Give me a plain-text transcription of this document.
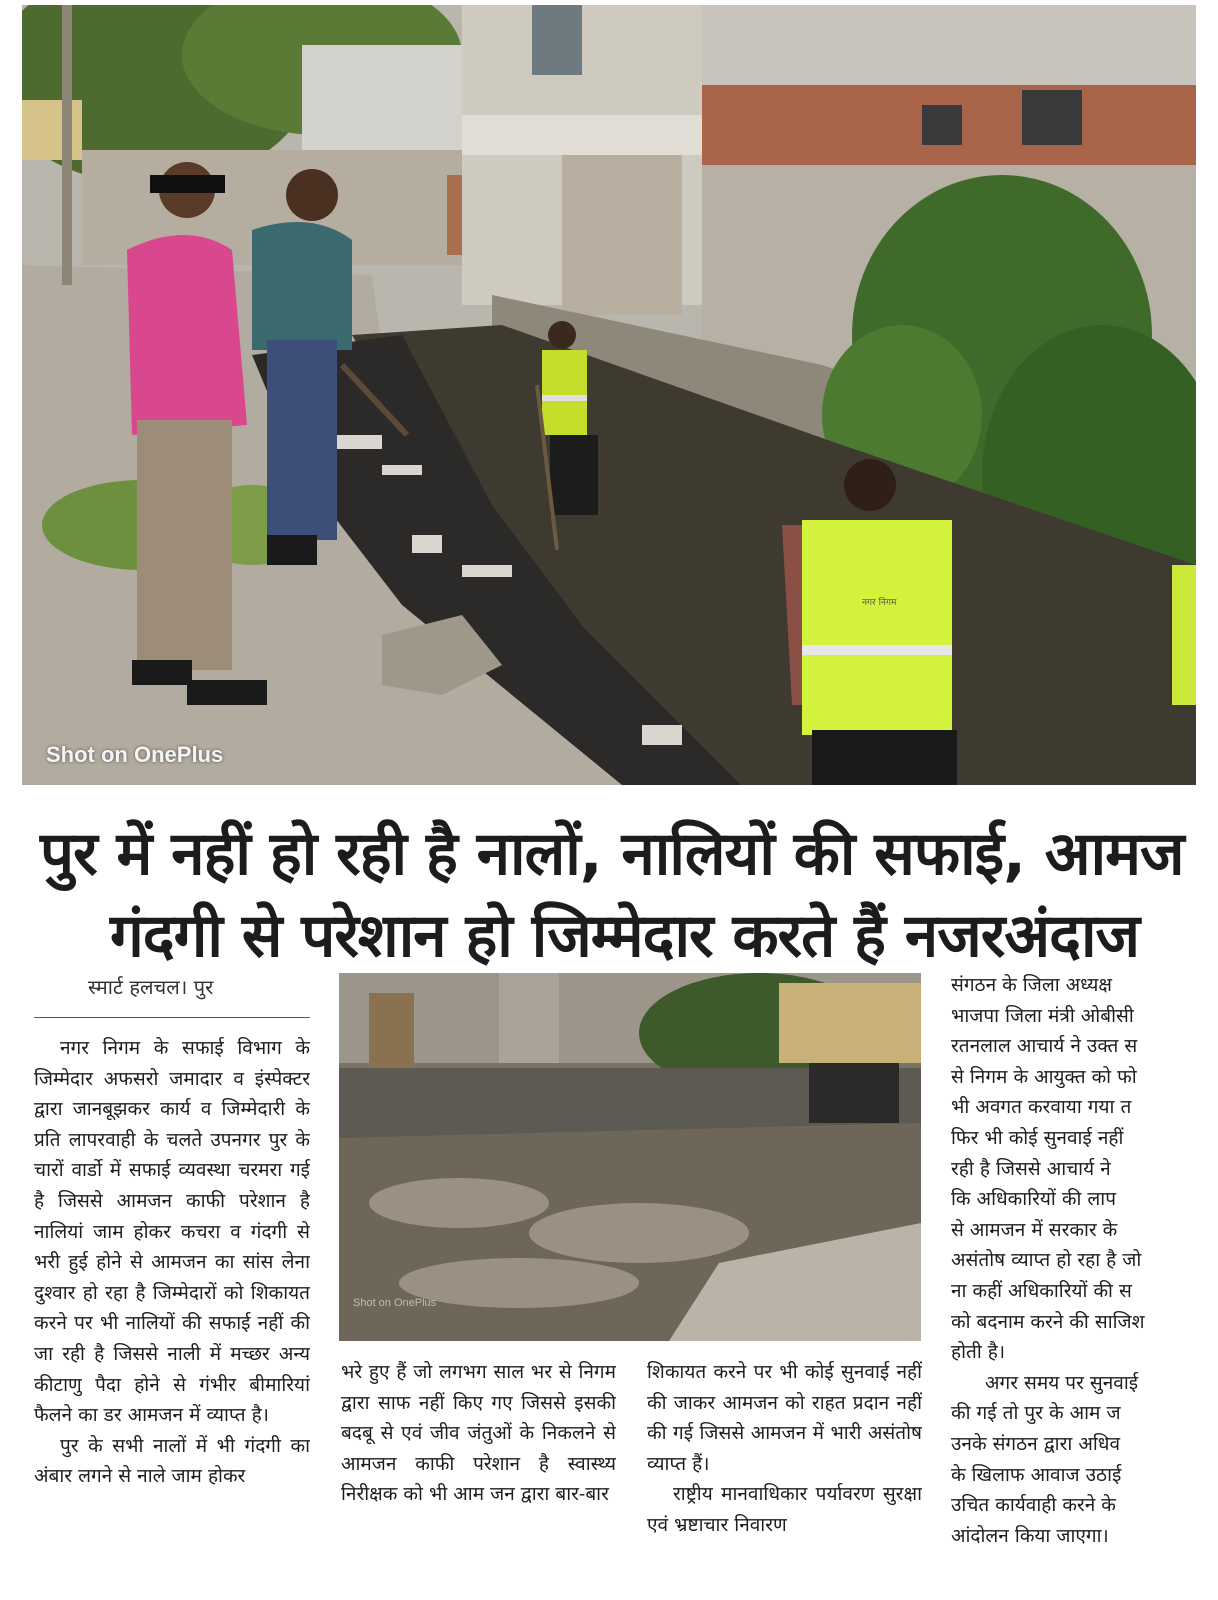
नगर निगम
Shot on OnePlus
पुर में नहीं हो रही है नालों, नालियों की सफाई, आमज
गंदगी से परेशान हो जिम्मेदार करते हैं नजरअंदाज
स्मार्ट हलचल। पुर

नगर निगम के सफाई विभाग के जिम्मेदार अफसरो जमादार व इंस्पेक्टर द्वारा जानबूझकर कार्य व जिम्मेदारी के प्रति लापरवाही के चलते उपनगर पुर के चारों वार्डो में सफाई व्यवस्था चरमरा गई है जिससे आमजन काफी परेशान है नालियां जाम होकर कचरा व गंदगी से भरी हुई होने से आमजन का सांस लेना दुश्वार हो रहा है जिम्मेदारों को शिकायत करने पर भी नालियों की सफाई नहीं की जा रही है जिससे नाली में मच्छर अन्य कीटाणु पैदा होने से गंभीर बीमारियां फैलने का डर आमजन में व्याप्त है।

पुर के सभी नालों में भी गंदगी का अंबार लगने से नाले जाम होकर

Shot on OnePlus

भरे हुए हैं जो लगभग साल भर से निगम द्वारा साफ नहीं किए गए जिससे इसकी बदबू से एवं जीव जंतुओं के निकलने से आमजन काफी परेशान है स्वास्थ्य निरीक्षक को भी आम जन द्वारा बार-बार

शिकायत करने पर भी कोई सुनवाई नहीं की जाकर आमजन को राहत प्रदान नहीं की गई जिससे आमजन में भारी असंतोष व्याप्त हैं।

राष्ट्रीय मानवाधिकार पर्यावरण सुरक्षा एवं भ्रष्टाचार निवारण

संगठन के जिला अध्यक्ष

भाजपा जिला मंत्री ओबीसी

रतनलाल आचार्य ने उक्त स

से निगम के आयुक्त को फो

भी अवगत करवाया गया त

फिर भी कोई सुनवाई नहीं

रही है जिससे आचार्य ने

कि अधिकारियों की लाप

से आमजन में सरकार के

असंतोष व्याप्त हो रहा है जो

ना कहीं अधिकारियों की स

को बदनाम करने की साजिश

होती है।

अगर समय पर सुनवाई

की गई तो पुर के आम ज

उनके संगठन द्वारा अधिव

के खिलाफ आवाज उठाई

उचित कार्यवाही करने के

आंदोलन किया जाएगा।
